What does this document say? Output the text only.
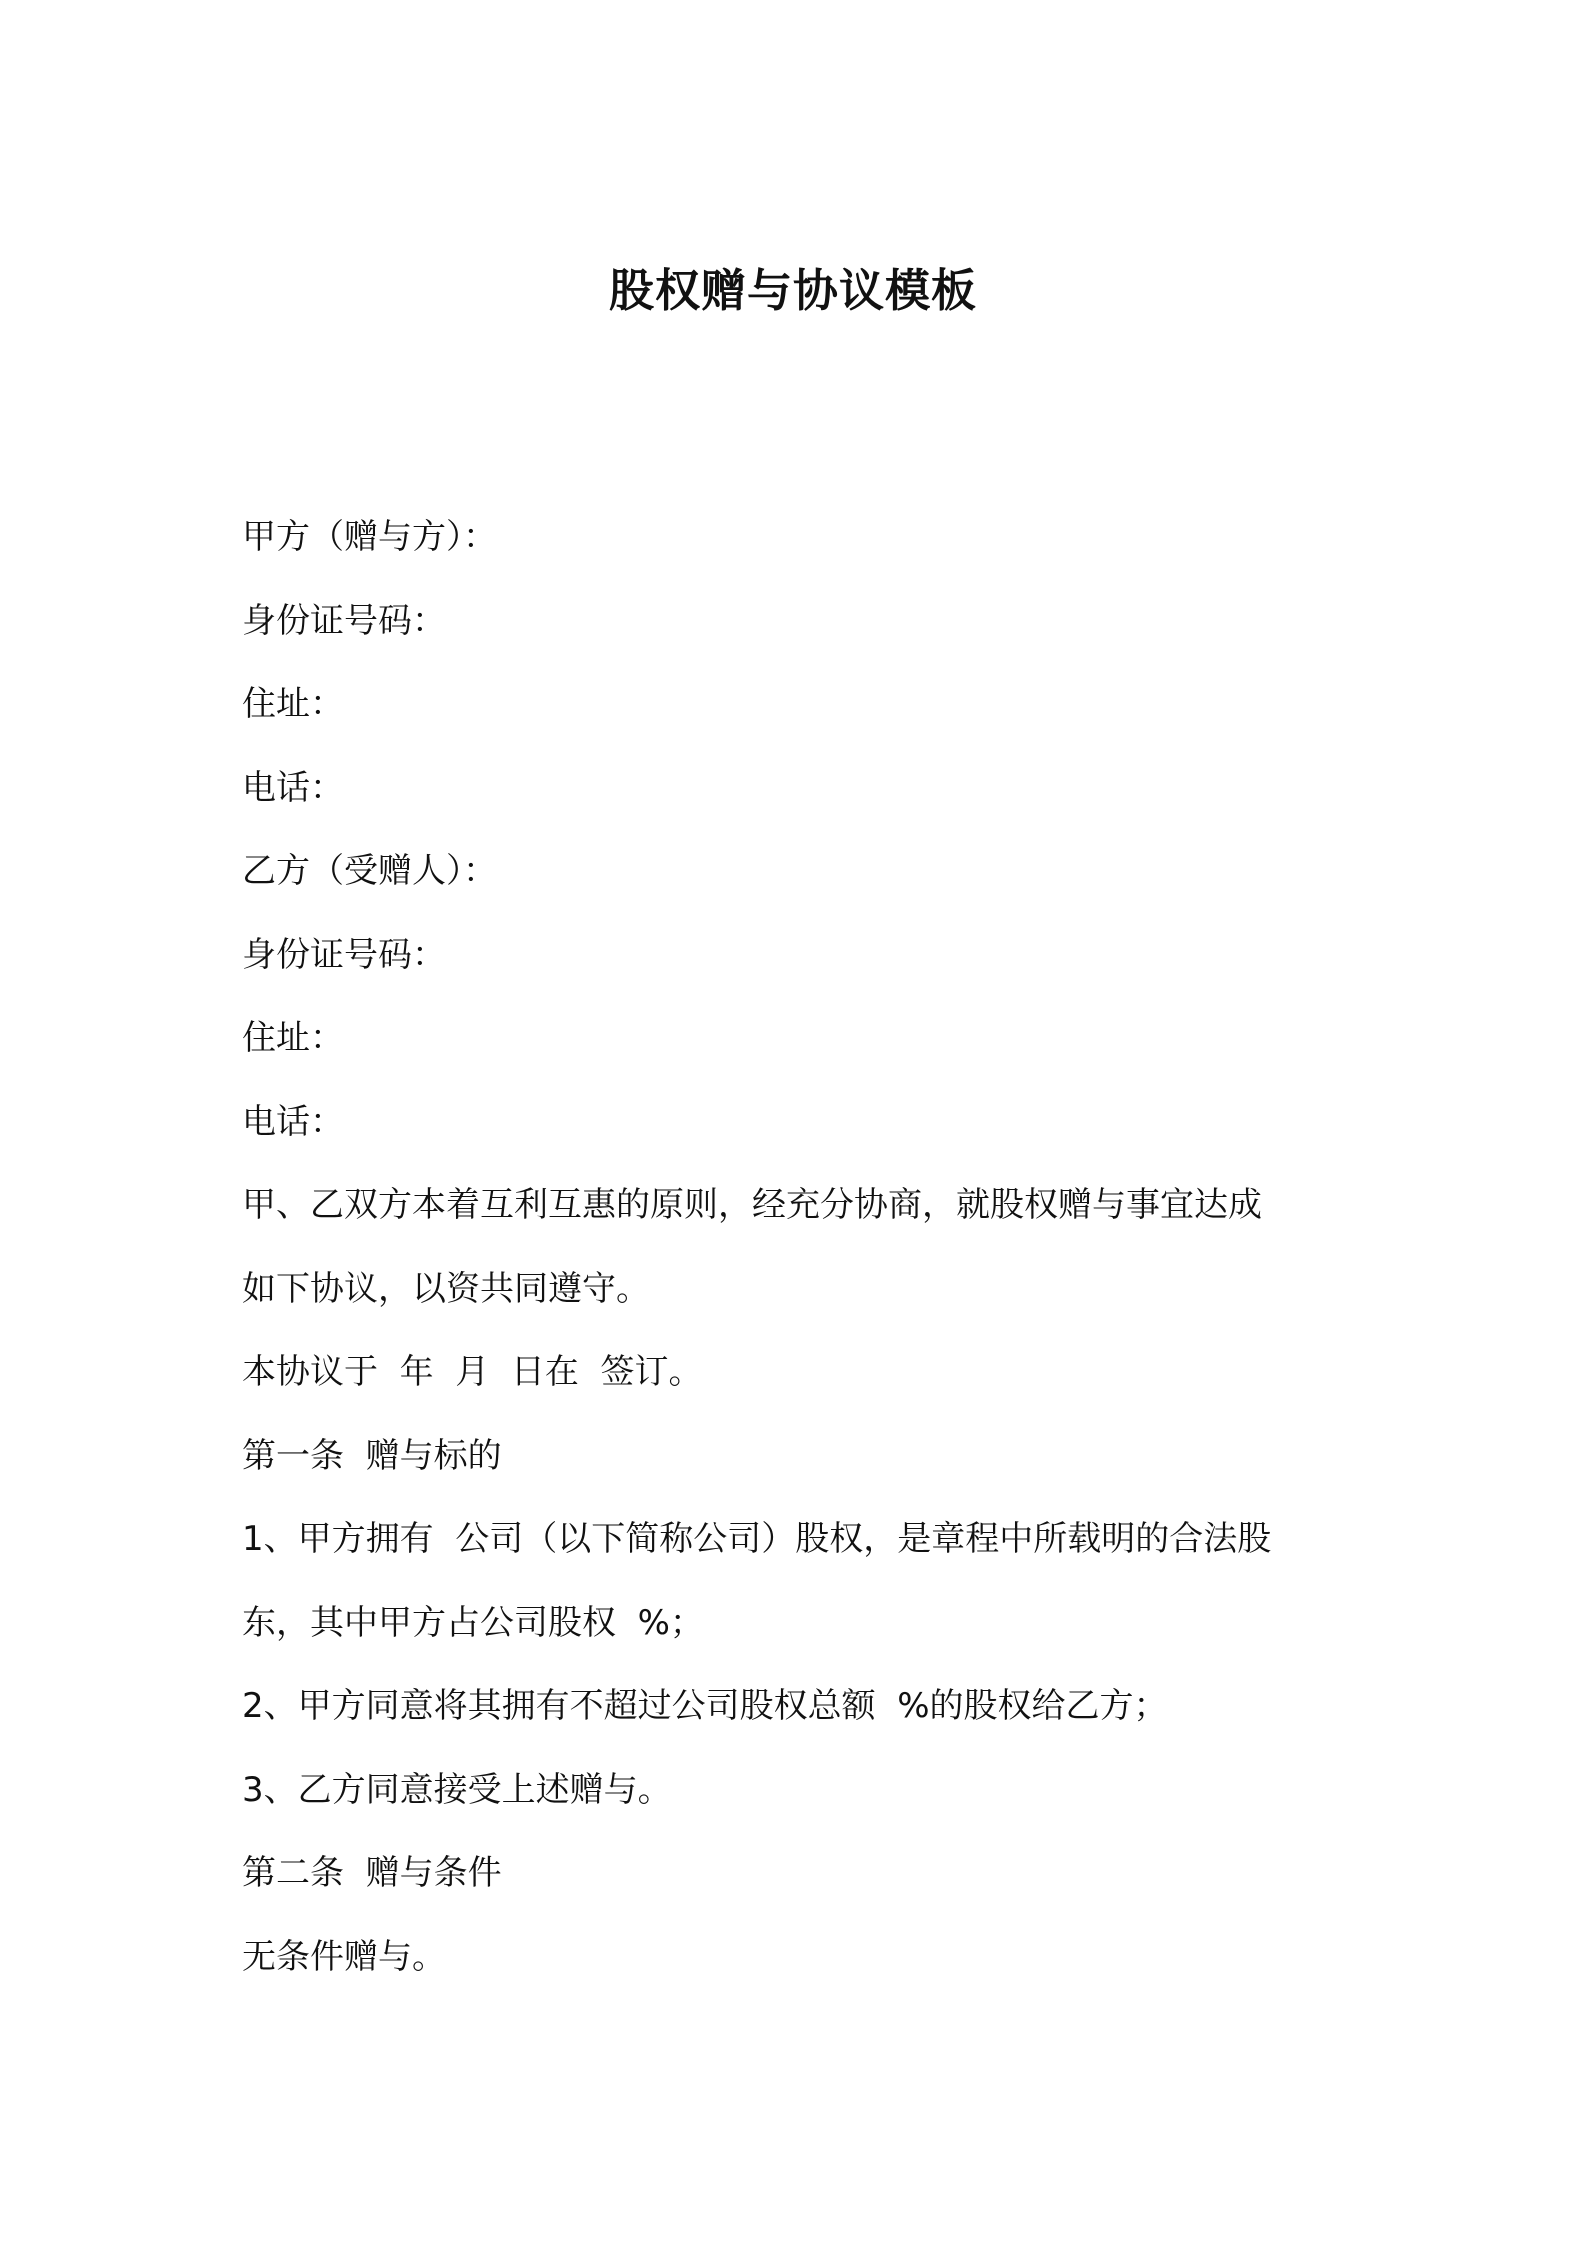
股权赠与协议模板

甲方（赠与方）：

身份证号码：

住址：

电话：

乙方（受赠人）：

身份证号码：

住址：

电话：

甲、乙双方本着互利互惠的原则，经充分协商，就股权赠与事宜达成

如下协议，以资共同遵守。

本协议于  年  月  日在  签订。

第一条  赠与标的

1、甲方拥有  公司（以下简称公司）股权，是章程中所载明的合法股

东，其中甲方占公司股权  %；

2、甲方同意将其拥有不超过公司股权总额  %的股权给乙方；

3、乙方同意接受上述赠与。

第二条  赠与条件

无条件赠与。
